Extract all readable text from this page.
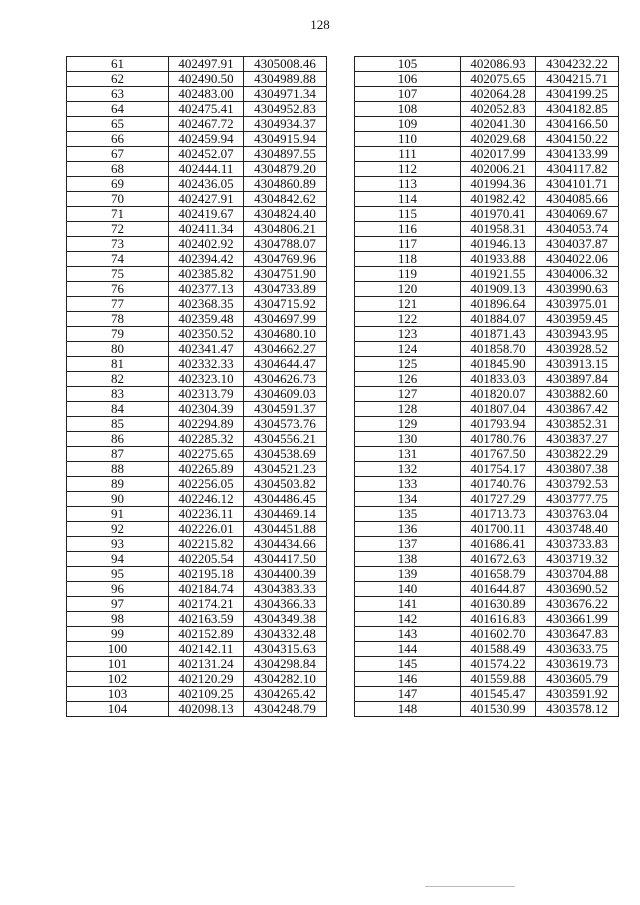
128
61	402497.91	4305008.46
62	402490.50	4304989.88
63	402483.00	4304971.34
64	402475.41	4304952.83
65	402467.72	4304934.37
66	402459.94	4304915.94
67	402452.07	4304897.55
68	402444.11	4304879.20
69	402436.05	4304860.89
70	402427.91	4304842.62
71	402419.67	4304824.40
72	402411.34	4304806.21
73	402402.92	4304788.07
74	402394.42	4304769.96
75	402385.82	4304751.90
76	402377.13	4304733.89
77	402368.35	4304715.92
78	402359.48	4304697.99
79	402350.52	4304680.10
80	402341.47	4304662.27
81	402332.33	4304644.47
82	402323.10	4304626.73
83	402313.79	4304609.03
84	402304.39	4304591.37
85	402294.89	4304573.76
86	402285.32	4304556.21
87	402275.65	4304538.69
88	402265.89	4304521.23
89	402256.05	4304503.82
90	402246.12	4304486.45
91	402236.11	4304469.14
92	402226.01	4304451.88
93	402215.82	4304434.66
94	402205.54	4304417.50
95	402195.18	4304400.39
96	402184.74	4304383.33
97	402174.21	4304366.33
98	402163.59	4304349.38
99	402152.89	4304332.48
100	402142.11	4304315.63
101	402131.24	4304298.84
102	402120.29	4304282.10
103	402109.25	4304265.42
104	402098.13	4304248.79
105	402086.93	4304232.22
106	402075.65	4304215.71
107	402064.28	4304199.25
108	402052.83	4304182.85
109	402041.30	4304166.50
110	402029.68	4304150.22
111	402017.99	4304133.99
112	402006.21	4304117.82
113	401994.36	4304101.71
114	401982.42	4304085.66
115	401970.41	4304069.67
116	401958.31	4304053.74
117	401946.13	4304037.87
118	401933.88	4304022.06
119	401921.55	4304006.32
120	401909.13	4303990.63
121	401896.64	4303975.01
122	401884.07	4303959.45
123	401871.43	4303943.95
124	401858.70	4303928.52
125	401845.90	4303913.15
126	401833.03	4303897.84
127	401820.07	4303882.60
128	401807.04	4303867.42
129	401793.94	4303852.31
130	401780.76	4303837.27
131	401767.50	4303822.29
132	401754.17	4303807.38
133	401740.76	4303792.53
134	401727.29	4303777.75
135	401713.73	4303763.04
136	401700.11	4303748.40
137	401686.41	4303733.83
138	401672.63	4303719.32
139	401658.79	4303704.88
140	401644.87	4303690.52
141	401630.89	4303676.22
142	401616.83	4303661.99
143	401602.70	4303647.83
144	401588.49	4303633.75
145	401574.22	4303619.73
146	401559.88	4303605.79
147	401545.47	4303591.92
148	401530.99	4303578.12
